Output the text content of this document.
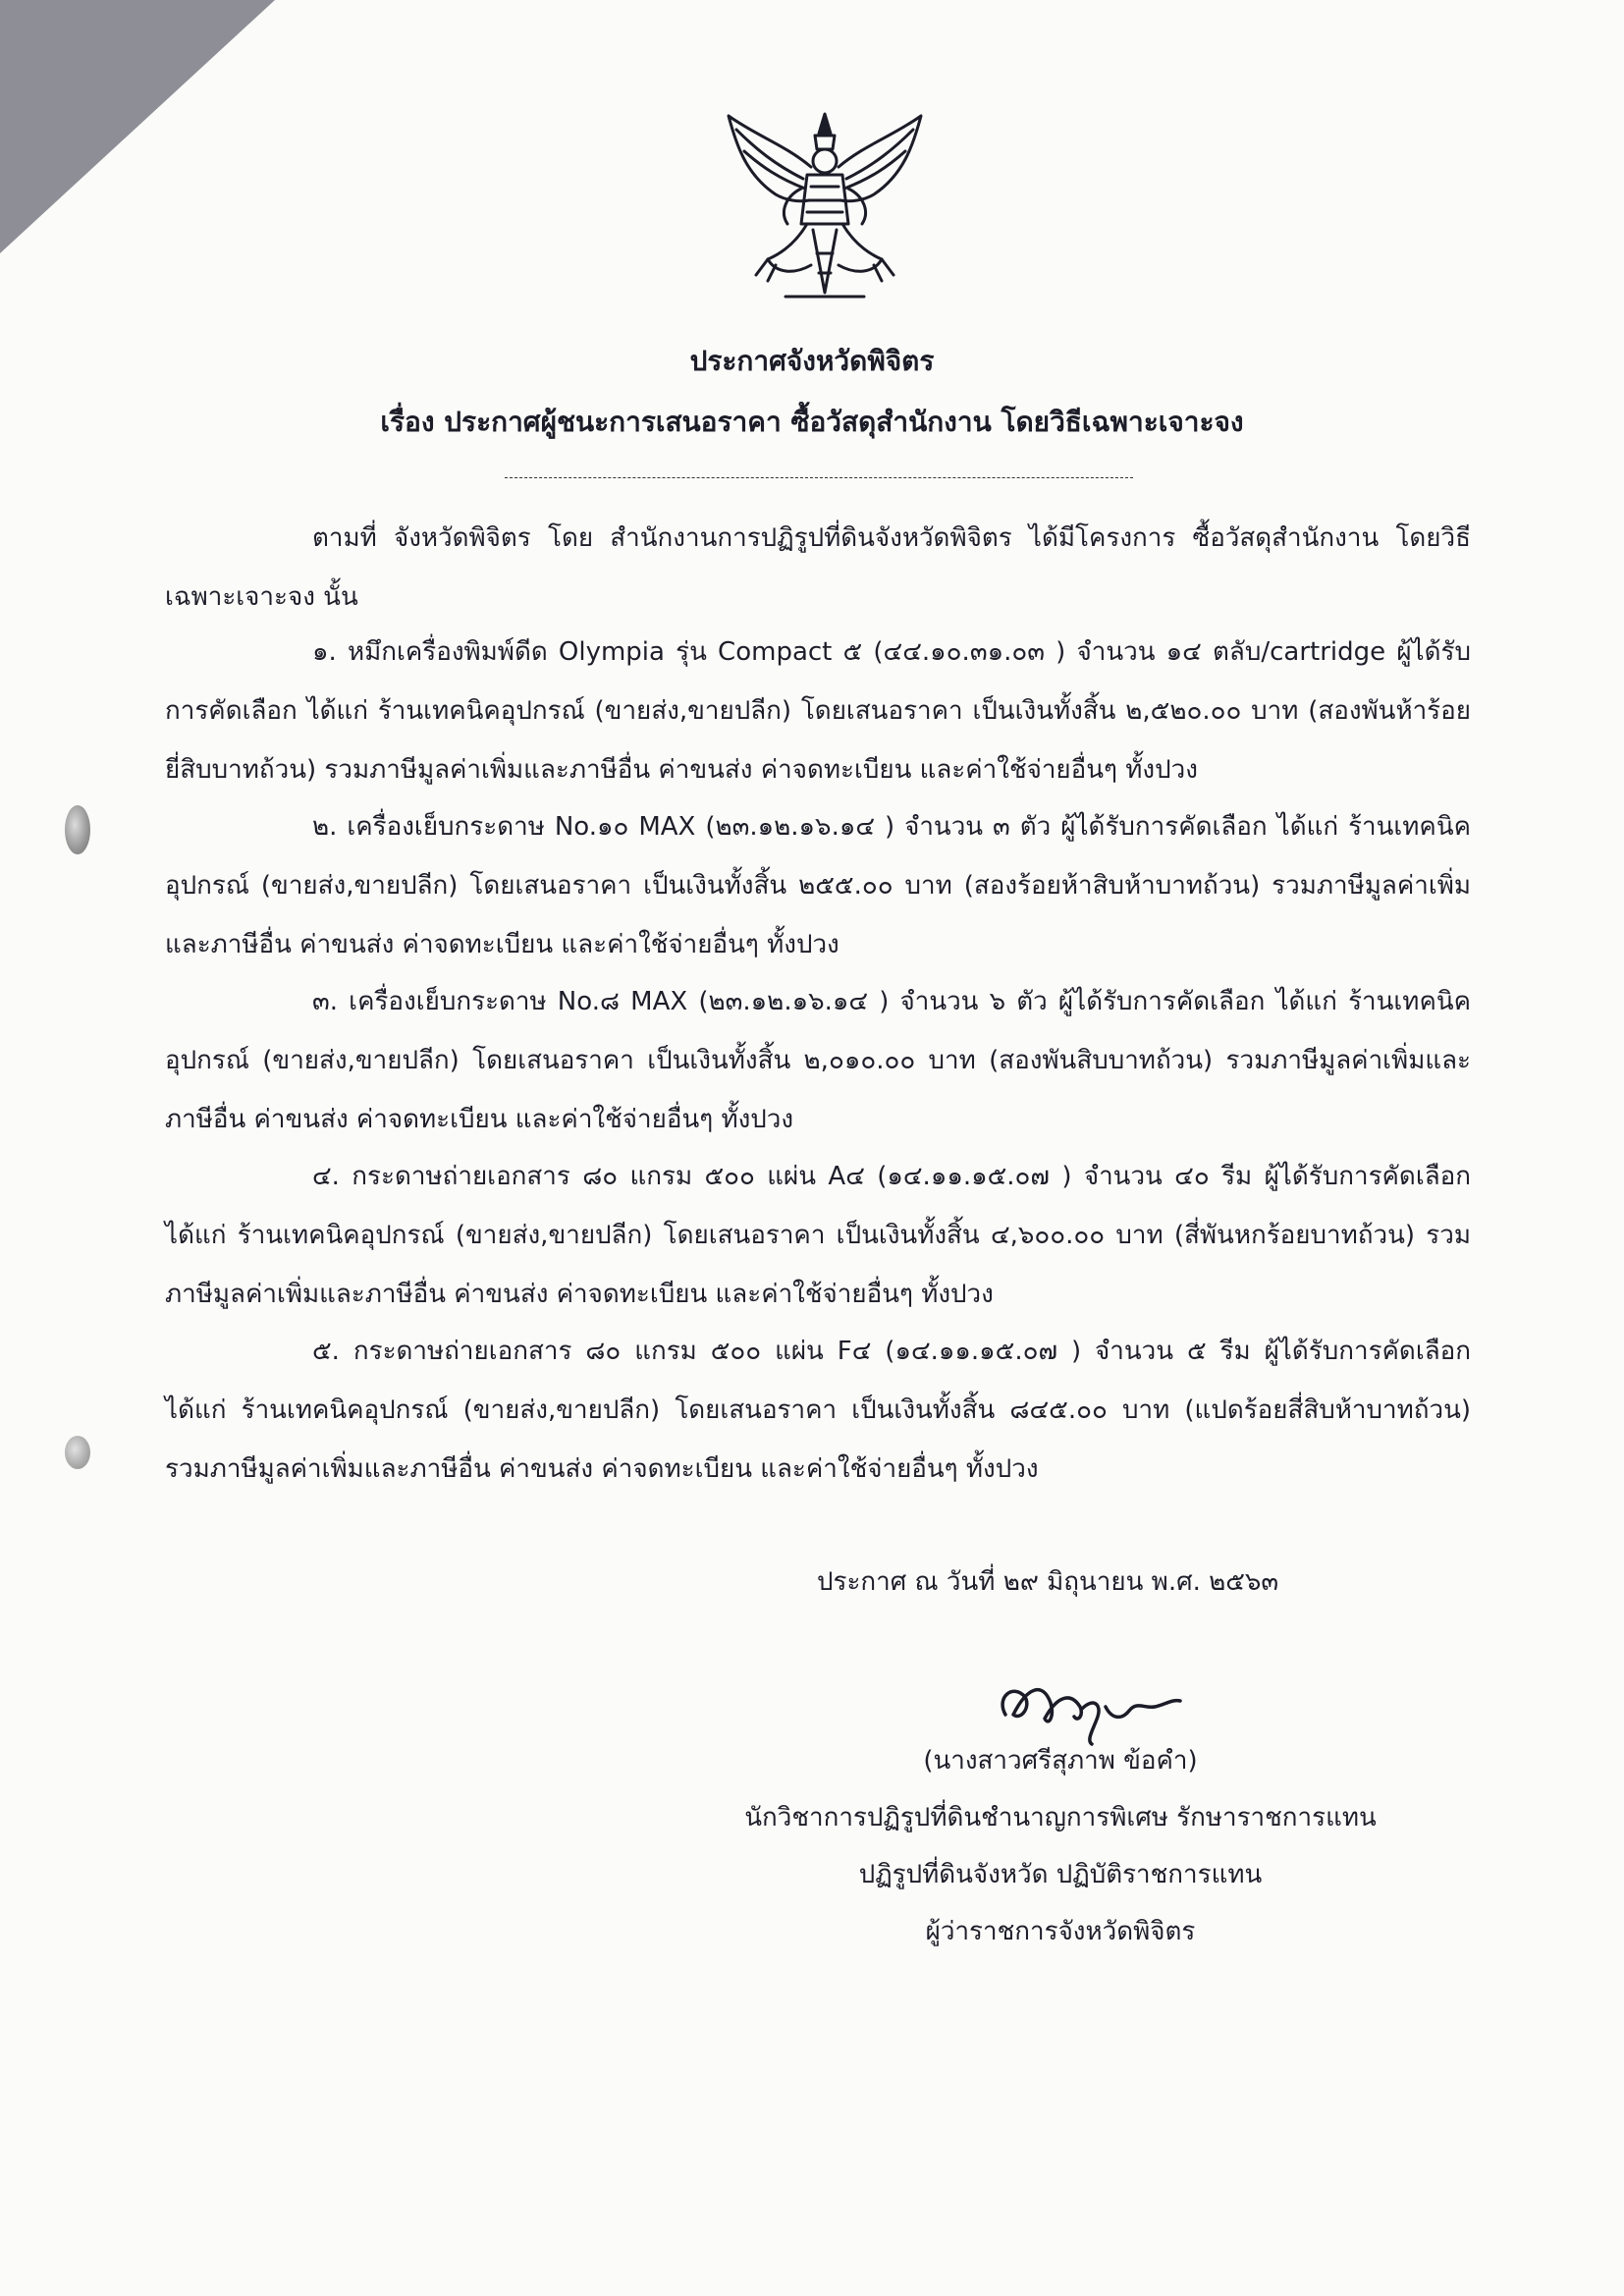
ประกาศจังหวัดพิจิตร
เรื่อง ประกาศผู้ชนะการเสนอราคา ซื้อวัสดุสำนักงาน โดยวิธีเฉพาะเจาะจง
ตามที่ จังหวัดพิจิตร โดย สำนักงานการปฏิรูปที่ดินจังหวัดพิจิตร ได้มีโครงการ ซื้อวัสดุสำนักงาน โดยวิธีเฉพาะเจาะจง นั้น
๑. หมึกเครื่องพิมพ์ดีด Olympia รุ่น Compact ๕ (๔๔.๑๐.๓๑.๐๓ ) จำนวน ๑๔ ตลับ/cartridge ผู้ได้รับการคัดเลือก ได้แก่ ร้านเทคนิคอุปกรณ์ (ขายส่ง,ขายปลีก) โดยเสนอราคา เป็นเงินทั้งสิ้น ๒,๕๒๐.๐๐ บาท (สองพันห้าร้อยยี่สิบบาทถ้วน) รวมภาษีมูลค่าเพิ่มและภาษีอื่น ค่าขนส่ง ค่าจดทะเบียน และค่าใช้จ่ายอื่นๆ ทั้งปวง
๒. เครื่องเย็บกระดาษ No.๑๐ MAX (๒๓.๑๒.๑๖.๑๔ ) จำนวน ๓ ตัว ผู้ได้รับการคัดเลือก ได้แก่ ร้านเทคนิคอุปกรณ์ (ขายส่ง,ขายปลีก) โดยเสนอราคา เป็นเงินทั้งสิ้น ๒๕๕.๐๐ บาท (สองร้อยห้าสิบห้าบาทถ้วน) รวมภาษีมูลค่าเพิ่มและภาษีอื่น ค่าขนส่ง ค่าจดทะเบียน และค่าใช้จ่ายอื่นๆ ทั้งปวง
๓. เครื่องเย็บกระดาษ No.๘ MAX (๒๓.๑๒.๑๖.๑๔ ) จำนวน ๖ ตัว ผู้ได้รับการคัดเลือก ได้แก่ ร้านเทคนิคอุปกรณ์ (ขายส่ง,ขายปลีก) โดยเสนอราคา เป็นเงินทั้งสิ้น ๒,๐๑๐.๐๐ บาท (สองพันสิบบาทถ้วน) รวมภาษีมูลค่าเพิ่มและภาษีอื่น ค่าขนส่ง ค่าจดทะเบียน และค่าใช้จ่ายอื่นๆ ทั้งปวง
๔. กระดาษถ่ายเอกสาร ๘๐ แกรม ๕๐๐ แผ่น A๔ (๑๔.๑๑.๑๕.๐๗ ) จำนวน ๔๐ รีม ผู้ได้รับการคัดเลือก ได้แก่ ร้านเทคนิคอุปกรณ์ (ขายส่ง,ขายปลีก) โดยเสนอราคา เป็นเงินทั้งสิ้น ๔,๖๐๐.๐๐ บาท (สี่พันหกร้อยบาทถ้วน) รวมภาษีมูลค่าเพิ่มและภาษีอื่น ค่าขนส่ง ค่าจดทะเบียน และค่าใช้จ่ายอื่นๆ ทั้งปวง
๕. กระดาษถ่ายเอกสาร ๘๐ แกรม ๕๐๐ แผ่น F๔ (๑๔.๑๑.๑๕.๐๗ ) จำนวน ๕ รีม ผู้ได้รับการคัดเลือก ได้แก่ ร้านเทคนิคอุปกรณ์ (ขายส่ง,ขายปลีก) โดยเสนอราคา เป็นเงินทั้งสิ้น ๘๔๕.๐๐ บาท (แปดร้อยสี่สิบห้าบาทถ้วน) รวมภาษีมูลค่าเพิ่มและภาษีอื่น ค่าขนส่ง ค่าจดทะเบียน และค่าใช้จ่ายอื่นๆ ทั้งปวง
ประกาศ ณ วันที่ ๒๙ มิถุนายน พ.ศ. ๒๕๖๓
(นางสาวศรีสุภาพ ข้อคำ)
นักวิชาการปฏิรูปที่ดินชำนาญการพิเศษ รักษาราชการแทน
ปฏิรูปที่ดินจังหวัด ปฏิบัติราชการแทน
ผู้ว่าราชการจังหวัดพิจิตร
